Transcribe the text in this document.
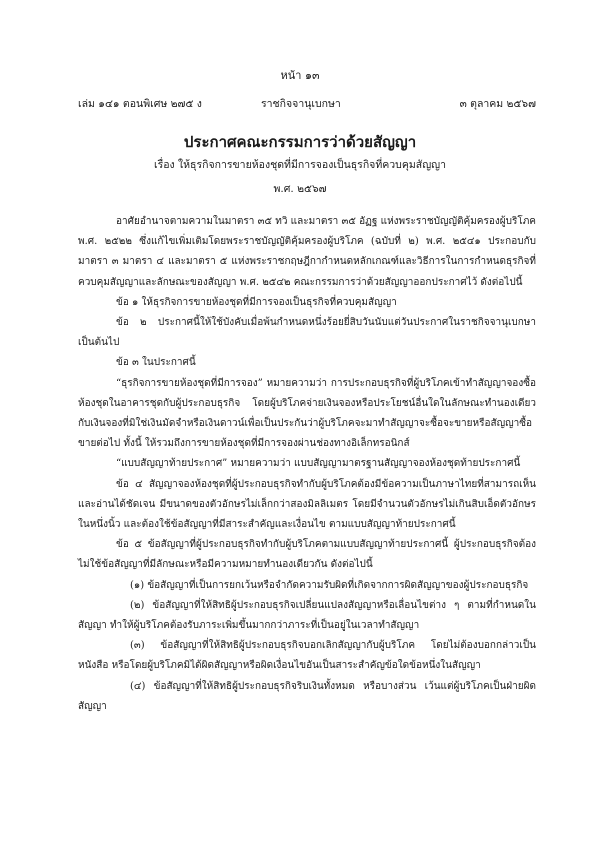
หน้า ๑๓
เล่ม ๑๔๑ ตอนพิเศษ ๒๗๕ ง	ราชกิจจานุเบกษา	๓ ตุลาคม ๒๕๖๗
ประกาศคณะกรรมการว่าด้วยสัญญา
เรื่อง ให้ธุรกิจการขายห้องชุดที่มีการจองเป็นธุรกิจที่ควบคุมสัญญา
พ.ศ. ๒๕๖๗

อาศัยอำนาจตามความในมาตรา ๓๕ ทวิ และมาตรา ๓๕ อัฏฐ แห่งพระราชบัญญัติคุ้มครองผู้บริโภค พ.ศ. ๒๕๒๒ ซึ่งแก้ไขเพิ่มเติมโดยพระราชบัญญัติคุ้มครองผู้บริโภค (ฉบับที่ ๒) พ.ศ. ๒๕๔๑ ประกอบกับมาตรา ๓ มาตรา ๔ และมาตรา ๕ แห่งพระราชกฤษฎีกากำหนดหลักเกณฑ์และวิธีการในการกำหนดธุรกิจที่ควบคุมสัญญาและลักษณะของสัญญา พ.ศ. ๒๕๔๒ คณะกรรมการว่าด้วยสัญญาออกประกาศไว้ ดังต่อไปนี้

ข้อ ๑ ให้ธุรกิจการขายห้องชุดที่มีการจองเป็นธุรกิจที่ควบคุมสัญญา

ข้อ ๒ ประกาศนี้ให้ใช้บังคับเมื่อพ้นกำหนดหนึ่งร้อยยี่สิบวันนับแต่วันประกาศในราชกิจจานุเบกษาเป็นต้นไป

ข้อ ๓ ในประกาศนี้

“ธุรกิจการขายห้องชุดที่มีการจอง” หมายความว่า การประกอบธุรกิจที่ผู้บริโภคเข้าทำสัญญาจองซื้อห้องชุดในอาคารชุดกับผู้ประกอบธุรกิจ โดยผู้บริโภคจ่ายเงินจองหรือประโยชน์อื่นใดในลักษณะทำนองเดียวกับเงินจองที่มิใช่เงินมัดจำหรือเงินดาวน์เพื่อเป็นประกันว่าผู้บริโภคจะมาทำสัญญาจะซื้อจะขายหรือสัญญาซื้อขายต่อไป ทั้งนี้ ให้รวมถึงการขายห้องชุดที่มีการจองผ่านช่องทางอิเล็กทรอนิกส์

“แบบสัญญาท้ายประกาศ” หมายความว่า แบบสัญญามาตรฐานสัญญาจองห้องชุดท้ายประกาศนี้

ข้อ ๔ สัญญาจองห้องชุดที่ผู้ประกอบธุรกิจทำกับผู้บริโภคต้องมีข้อความเป็นภาษาไทยที่สามารถเห็นและอ่านได้ชัดเจน มีขนาดของตัวอักษรไม่เล็กกว่าสองมิลลิเมตร โดยมีจำนวนตัวอักษรไม่เกินสิบเอ็ดตัวอักษรในหนึ่งนิ้ว และต้องใช้ข้อสัญญาที่มีสาระสำคัญและเงื่อนไข ตามแบบสัญญาท้ายประกาศนี้

ข้อ ๕ ข้อสัญญาที่ผู้ประกอบธุรกิจทำกับผู้บริโภคตามแบบสัญญาท้ายประกาศนี้ ผู้ประกอบธุรกิจต้องไม่ใช้ข้อสัญญาที่มีลักษณะหรือมีความหมายทำนองเดียวกัน ดังต่อไปนี้

(๑) ข้อสัญญาที่เป็นการยกเว้นหรือจำกัดความรับผิดที่เกิดจากการผิดสัญญาของผู้ประกอบธุรกิจ

(๒) ข้อสัญญาที่ให้สิทธิผู้ประกอบธุรกิจเปลี่ยนแปลงสัญญาหรือเลื่อนไขต่าง ๆ ตามที่กำหนดในสัญญา ทำให้ผู้บริโภคต้องรับภาระเพิ่มขึ้นมากกว่าภาระที่เป็นอยู่ในเวลาทำสัญญา

(๓) ข้อสัญญาที่ให้สิทธิผู้ประกอบธุรกิจบอกเลิกสัญญากับผู้บริโภค โดยไม่ต้องบอกกล่าวเป็นหนังสือ หรือโดยผู้บริโภคมิได้ผิดสัญญาหรือผิดเงื่อนไขอันเป็นสาระสำคัญข้อใดข้อหนึ่งในสัญญา

(๔) ข้อสัญญาที่ให้สิทธิผู้ประกอบธุรกิจริบเงินทั้งหมด หรือบางส่วน เว้นแต่ผู้บริโภคเป็นฝ่ายผิดสัญญา
